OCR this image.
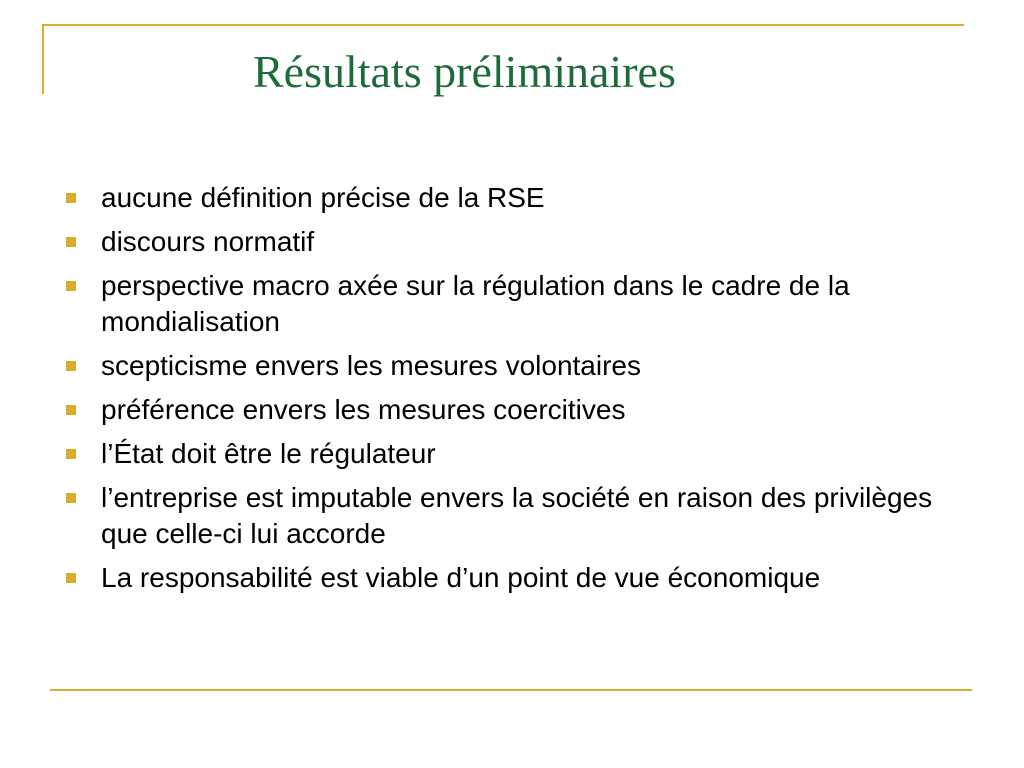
Résultats préliminaires
aucune définition précise de la RSE
discours normatif
perspective macro axée sur la régulation dans le cadre de la mondialisation
scepticisme envers les mesures volontaires
préférence envers les mesures coercitives
l’État doit être le régulateur
l’entreprise est imputable envers la société en raison des privilèges que celle-ci lui accorde
La responsabilité est viable d’un point de vue économique
